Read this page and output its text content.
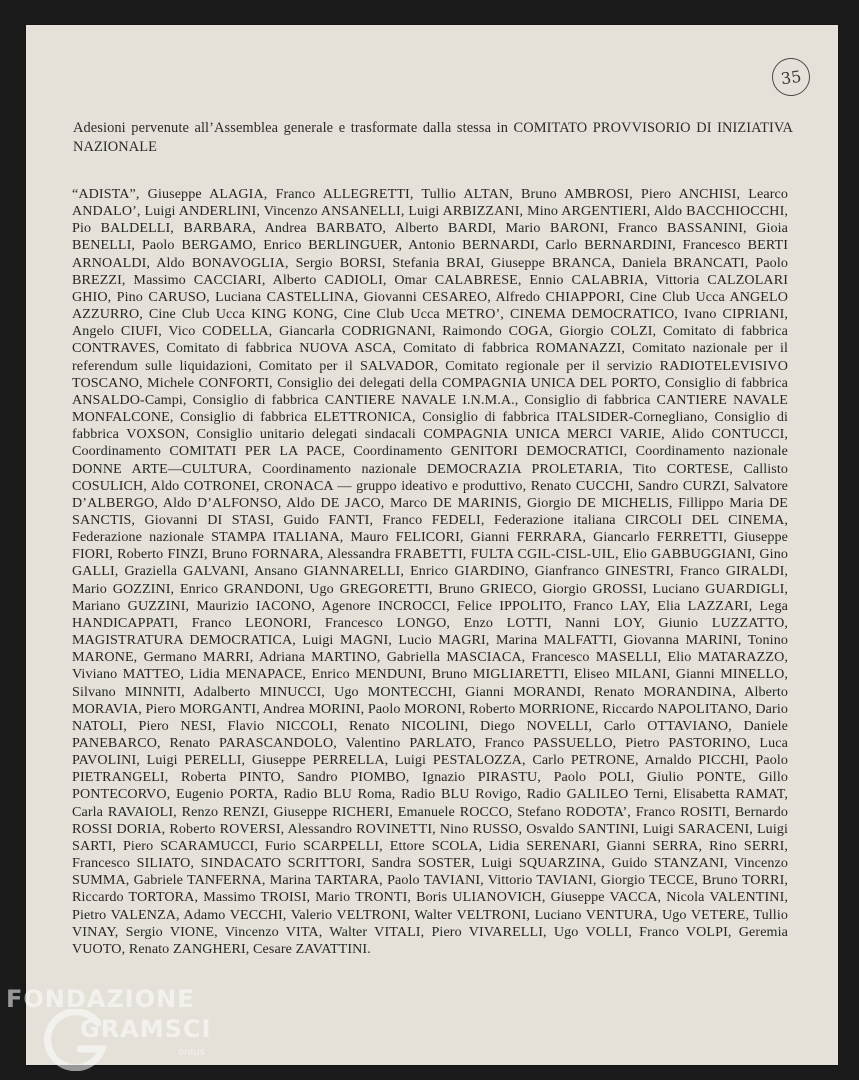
35

Adesioni pervenute all’Assemblea generale e trasformate dalla stessa in COMITATO PROVVISORIO DI INIZIATIVA NAZIONALE

“ADISTA”, Giuseppe ALAGIA, Franco ALLEGRETTI, Tullio ALTAN, Bruno AMBROSI, Piero ANCHISI, Learco ANDALO’, Luigi ANDERLINI, Vincenzo ANSANELLI, Luigi ARBIZZANI, Mino ARGENTIERI, Aldo BACCHIOCCHI, Pio BALDELLI, BARBARA, Andrea BARBATO, Alberto BARDI, Mario BARONI, Franco BASSANINI, Gioia BENELLI, Paolo BERGAMO, Enrico BERLINGUER, Antonio BERNARDI, Carlo BERNARDINI, Francesco BERTI ARNOALDI, Aldo BONAVOGLIA, Sergio BORSI, Stefania BRAI, Giuseppe BRANCA, Daniela BRANCATI, Paolo BREZZI, Massimo CACCIARI, Alberto CADIOLI, Omar CALABRESE, Ennio CALABRIA, Vittoria CALZOLARI GHIO, Pino CARUSO, Luciana CASTELLINA, Giovanni CESAREO, Alfredo CHIAPPORI, Cine Club Ucca ANGELO AZZURRO, Cine Club Ucca KING KONG, Cine Club Ucca METRO’, CINEMA DEMOCRATICO, Ivano CIPRIANI, Angelo CIUFI, Vico CODELLA, Giancarla CODRIGNANI, Raimondo COGA, Giorgio COLZI, Comitato di fabbrica CONTRAVES, Comitato di fabbrica NUOVA ASCA, Comitato di fabbrica ROMANAZZI, Comitato nazionale per il referendum sulle liquidazioni, Comitato per il SALVADOR, Comitato regionale per il servizio RADIOTELEVISIVO TOSCANO, Michele CONFORTI, Consiglio dei delegati della COMPAGNIA UNICA DEL PORTO, Consiglio di fabbrica ANSALDO-Campi, Consiglio di fabbrica CANTIERE NAVALE I.N.M.A., Consiglio di fabbrica CANTIERE NAVALE MONFALCONE, Consiglio di fabbrica ELETTRONICA, Consiglio di fabbrica ITALSIDER-Cornegliano, Consiglio di fabbrica VOXSON, Consiglio unitario delegati sindacali COMPAGNIA UNICA MERCI VARIE, Alido CONTUCCI, Coordinamento COMITATI PER LA PACE, Coordinamento GENITORI DEMOCRATICI, Coordinamento nazionale DONNE ARTE—CULTURA, Coordinamento nazionale DEMOCRAZIA PROLETARIA, Tito CORTESE, Callisto COSULICH, Aldo COTRONEI, CRONACA — gruppo ideativo e produttivo, Renato CUCCHI, Sandro CURZI, Salvatore D’ALBERGO, Aldo D’ALFONSO, Aldo DE JACO, Marco DE MARINIS, Giorgio DE MICHELIS, Fillippo Maria DE SANCTIS, Giovanni DI STASI, Guido FANTI, Franco FEDELI, Federazione italiana CIRCOLI DEL CINEMA, Federazione nazionale STAMPA ITALIANA, Mauro FELICORI, Gianni FERRARA, Giancarlo FERRETTI, Giuseppe FIORI, Roberto FINZI, Bruno FORNARA, Alessandra FRABETTI, FULTA CGIL-CISL-UIL, Elio GABBUGGIANI, Gino GALLI, Graziella GALVANI, Ansano GIANNARELLI, Enrico GIARDINO, Gianfranco GINESTRI, Franco GIRALDI, Mario GOZZINI, Enrico GRANDONI, Ugo GREGORETTI, Bruno GRIECO, Giorgio GROSSI, Luciano GUARDIGLI, Mariano GUZZINI, Maurizio IACONO, Agenore INCROCCI, Felice IPPOLITO, Franco LAY, Elia LAZZARI, Lega HANDICAPPATI, Franco LEONORI, Francesco LONGO, Enzo LOTTI, Nanni LOY, Giunio LUZZATTO, MAGISTRATURA DEMOCRATICA, Luigi MAGNI, Lucio MAGRI, Marina MALFATTI, Giovanna MARINI, Tonino MARONE, Germano MARRI, Adriana MARTINO, Gabriella MASCIACA, Francesco MASELLI, Elio MATARAZZO, Viviano MATTEO, Lidia MENAPACE, Enrico MENDUNI, Bruno MIGLIARETTI, Eliseo MILANI, Gianni MINELLO, Silvano MINNITI, Adalberto MINUCCI, Ugo MONTECCHI, Gianni MORANDI, Renato MORANDINA, Alberto MORAVIA, Piero MORGANTI, Andrea MORINI, Paolo MORONI, Roberto MORRIONE, Riccardo NAPOLITANO, Dario NATOLI, Piero NESI, Flavio NICCOLI, Renato NICOLINI, Diego NOVELLI, Carlo OTTAVIANO, Daniele PANEBARCO, Renato PARASCANDOLO, Valentino PARLATO, Franco PASSUELLO, Pietro PASTORINO, Luca PAVOLINI, Luigi PERELLI, Giuseppe PERRELLA, Luigi PESTALOZZA, Carlo PETRONE, Arnaldo PICCHI, Paolo PIETRANGELI, Roberta PINTO, Sandro PIOMBO, Ignazio PIRASTU, Paolo POLI, Giulio PONTE, Gillo PONTECORVO, Eugenio PORTA, Radio BLU Roma, Radio BLU Rovigo, Radio GALILEO Terni, Elisabetta RAMAT, Carla RAVAIOLI, Renzo RENZI, Giuseppe RICHERI, Emanuele ROCCO, Stefano RODOTA’, Franco ROSITI, Bernardo ROSSI DORIA, Roberto ROVERSI, Alessandro ROVINETTI, Nino RUSSO, Osvaldo SANTINI, Luigi SARACENI, Luigi SARTI, Piero SCARAMUCCI, Furio SCARPELLI, Ettore SCOLA, Lidia SERENARI, Gianni SERRA, Rino SERRI, Francesco SILIATO, SINDACATO SCRITTORI, Sandra SOSTER, Luigi SQUARZINA, Guido STANZANI, Vincenzo SUMMA, Gabriele TANFERNA, Marina TARTARA, Paolo TAVIANI, Vittorio TAVIANI, Giorgio TECCE, Bruno TORRI, Riccardo TORTORA, Massimo TROISI, Mario TRONTI, Boris ULIANOVICH, Giuseppe VACCA, Nicola VALENTINI, Pietro VALENZA, Adamo VECCHI, Valerio VELTRONI, Walter VELTRONI, Luciano VENTURA, Ugo VETERE, Tullio VINAY, Sergio VIONE, Vincenzo VITA, Walter VITALI, Piero VIVARELLI, Ugo VOLLI, Franco VOLPI, Geremia VUOTO, Renato ZANGHERI, Cesare ZAVATTINI.

FONDAZIONE
GRAMSCI
onlus
